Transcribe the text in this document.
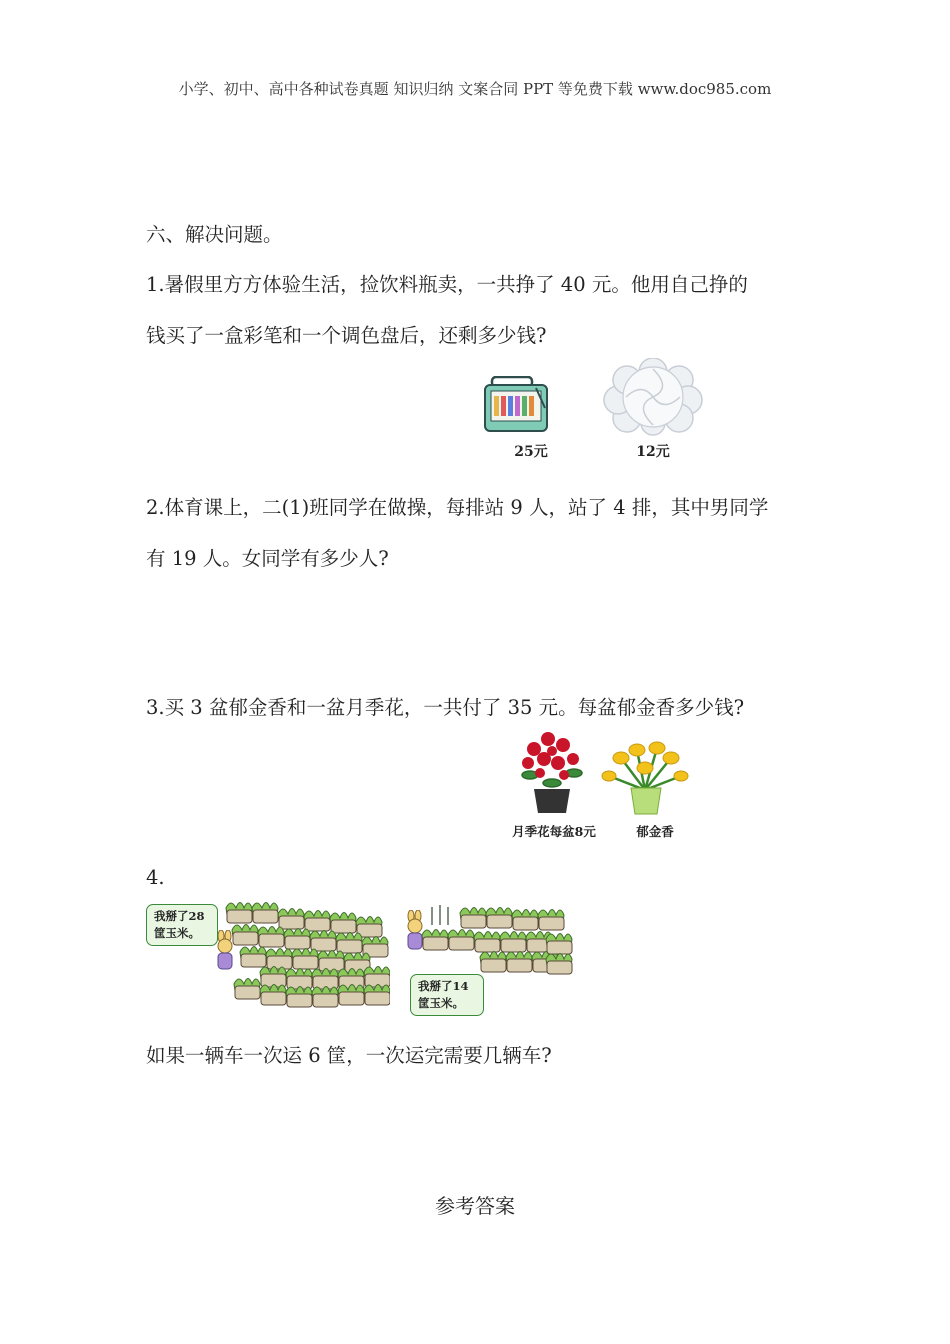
小学、初中、高中各种试卷真题 知识归纳 文案合同 PPT 等免费下载 www.doc985.com
六、解决问题。
1.暑假里方方体验生活，捡饮料瓶卖，一共挣了 40 元。他用自己挣的
钱买了一盒彩笔和一个调色盘后，还剩多少钱?
25元	12元
2.体育课上，二(1)班同学在做操，每排站 9 人，站了 4 排，其中男同学
有 19 人。女同学有多少人?
3.买 3 盆郁金香和一盆月季花，一共付了 35 元。每盆郁金香多少钱?
月季花每盆8元	郁金香
4.
我掰了28筐玉米。
我掰了14筐玉米。
如果一辆车一次运 6 筐，一次运完需要几辆车?
参考答案
